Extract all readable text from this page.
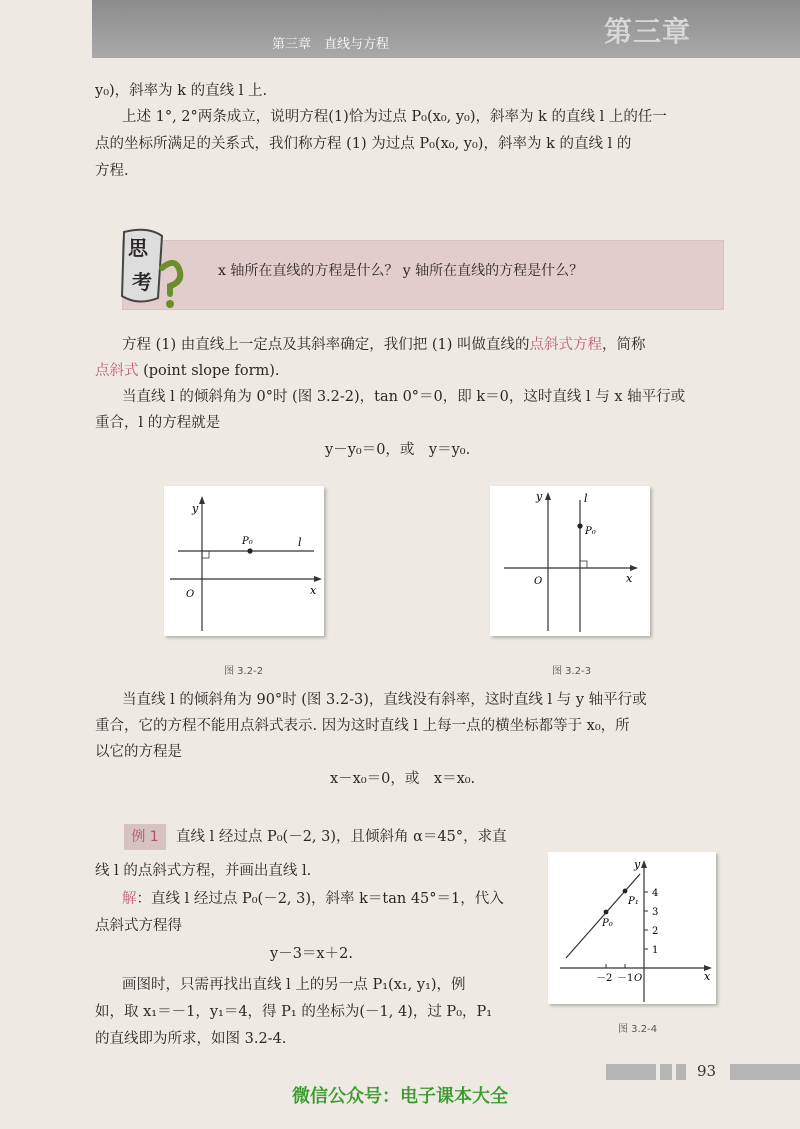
第三章　直线与方程	第三章
y₀)，斜率为 k 的直线 l 上.
上述 1°, 2°两条成立，说明方程(1)恰为过点 P₀(x₀, y₀)，斜率为 k 的直线 l 上的任一
点的坐标所满足的关系式，我们称方程 (1) 为过点 P₀(x₀, y₀)，斜率为 k 的直线 l 的
方程.
思
考	x 轴所在直线的方程是什么？ y 轴所在直线的方程是什么？
方程 (1) 由直线上一定点及其斜率确定，我们把 (1) 叫做直线的点斜式方程，简称
点斜式 (point slope form).
当直线 l 的倾斜角为 0°时 (图 3.2-2)，tan 0°＝0，即 k＝0，这时直线 l 与 x 轴平行或
重合，l 的方程就是
y－y₀＝0，或　y＝y₀.
y
x
O
P₀	l
图 3.2-2
y
x
O
P₀
l
图 3.2-3
当直线 l 的倾斜角为 90°时 (图 3.2-3)，直线没有斜率，这时直线 l 与 y 轴平行或
重合，它的方程不能用点斜式表示. 因为这时直线 l 上每一点的横坐标都等于 x₀，所
以它的方程是
x－x₀＝0，或　x＝x₀.
例 1	直线 l 经过点 P₀(－2, 3)，且倾斜角 α＝45°，求直
线 l 的点斜式方程，并画出直线 l.
解：直线 l 经过点 P₀(－2, 3)，斜率 k＝tan 45°＝1，代入
点斜式方程得
y－3＝x＋2.
画图时，只需再找出直线 l 上的另一点 P₁(x₁, y₁)，例
如，取 x₁＝－1，y₁＝4，得 P₁ 的坐标为(－1, 4)，过 P₀，P₁
的直线即为所求，如图 3.2-4.
y
x
O
4
3
2
1
－2 －1
P₀
P₁
图 3.2-4
93
微信公众号：电子课本大全
